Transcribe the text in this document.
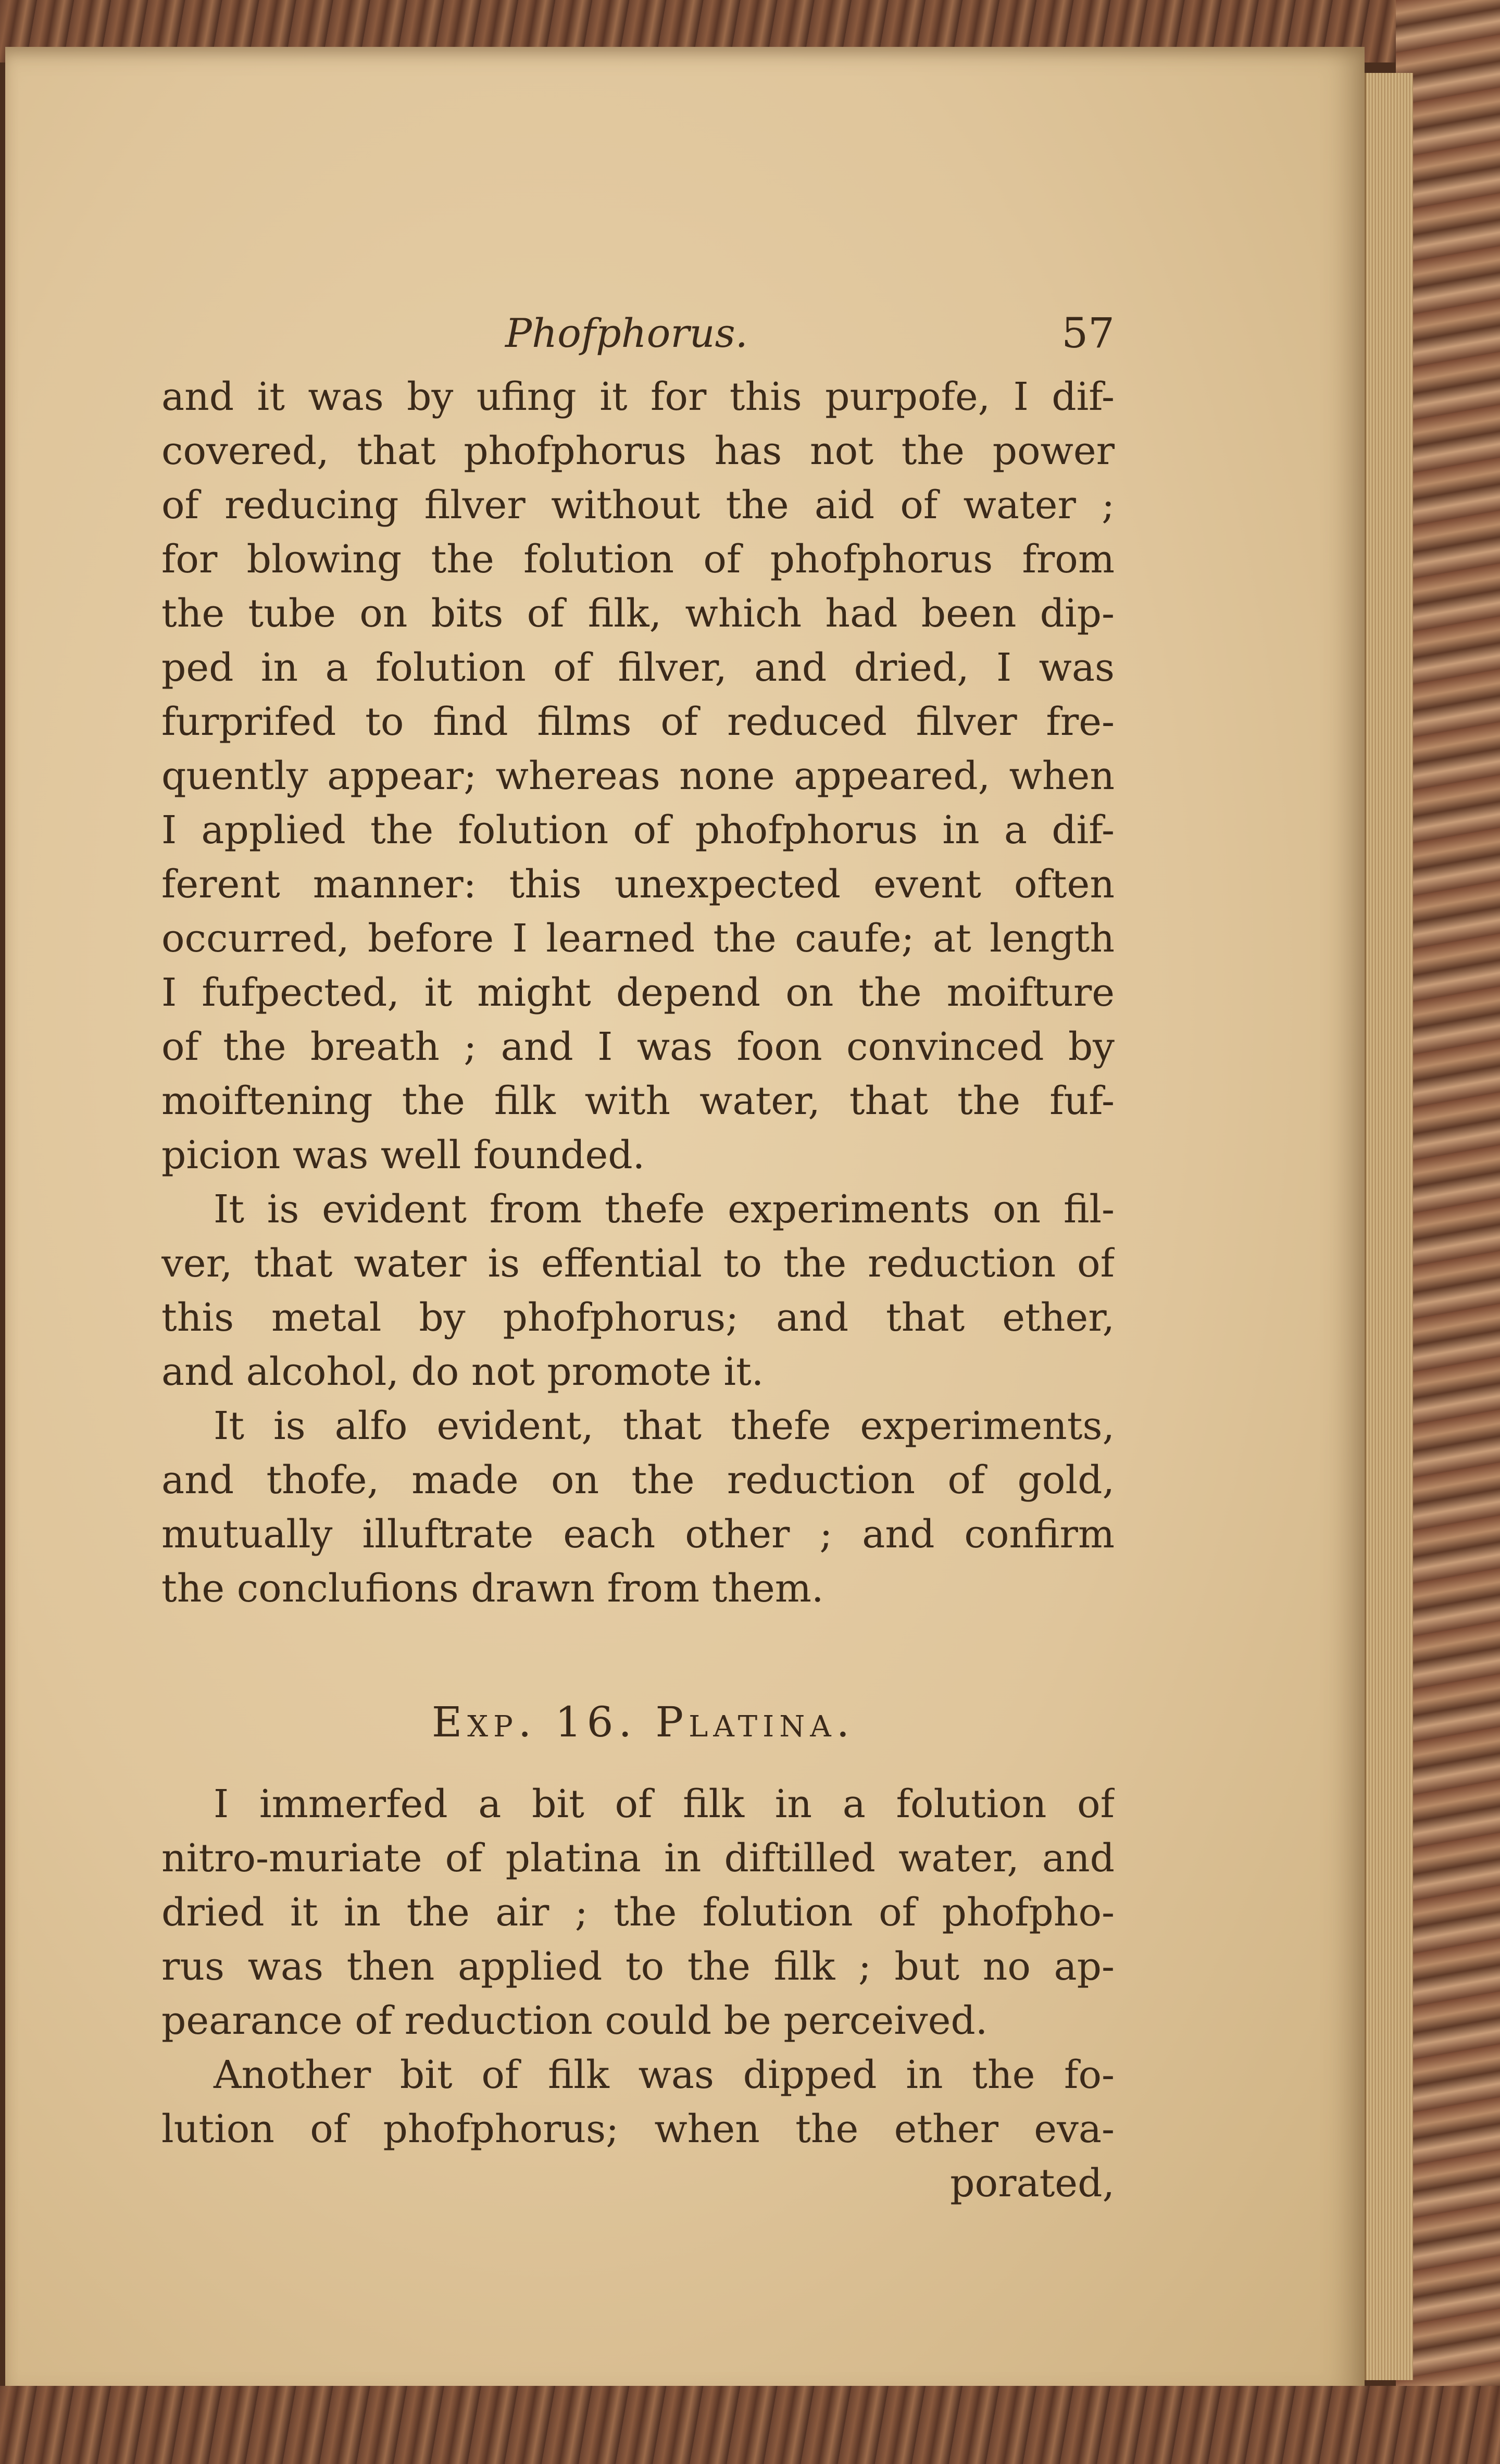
Phofphorus.	57
and it was by ufing it for this purpofe, I dif-
covered, that phofphorus has not the power
of reducing filver without the aid of water ;
for blowing the folution of phofphorus from
the tube on bits of filk, which had been dip-
ped in a folution of filver, and dried, I was
furprifed to find films of reduced filver fre-
quently appear; whereas none appeared, when
I applied the folution of phofphorus in a dif-
ferent manner: this unexpected event often
occurred, before I learned the caufe; at length
I fufpected, it might depend on the moifture
of the breath ; and I was foon convinced by
moiftening the filk with water, that the fuf-
picion was well founded.
It is evident from thefe experiments on fil-
ver, that water is effential to the reduction of
this metal by phofphorus; and that ether,
and alcohol, do not promote it.
It is alfo evident, that thefe experiments,
and thofe, made on the reduction of gold,
mutually illuftrate each other ; and confirm
the conclufions drawn from them.
Exp. 16. Platina.
I immerfed a bit of filk in a folution of
nitro-muriate of platina in diftilled water, and
dried it in the air ; the folution of phofpho-
rus was then applied to the filk ; but no ap-
pearance of reduction could be perceived.
Another bit of filk was dipped in the fo-
lution of phofphorus; when the ether eva-
porated,
